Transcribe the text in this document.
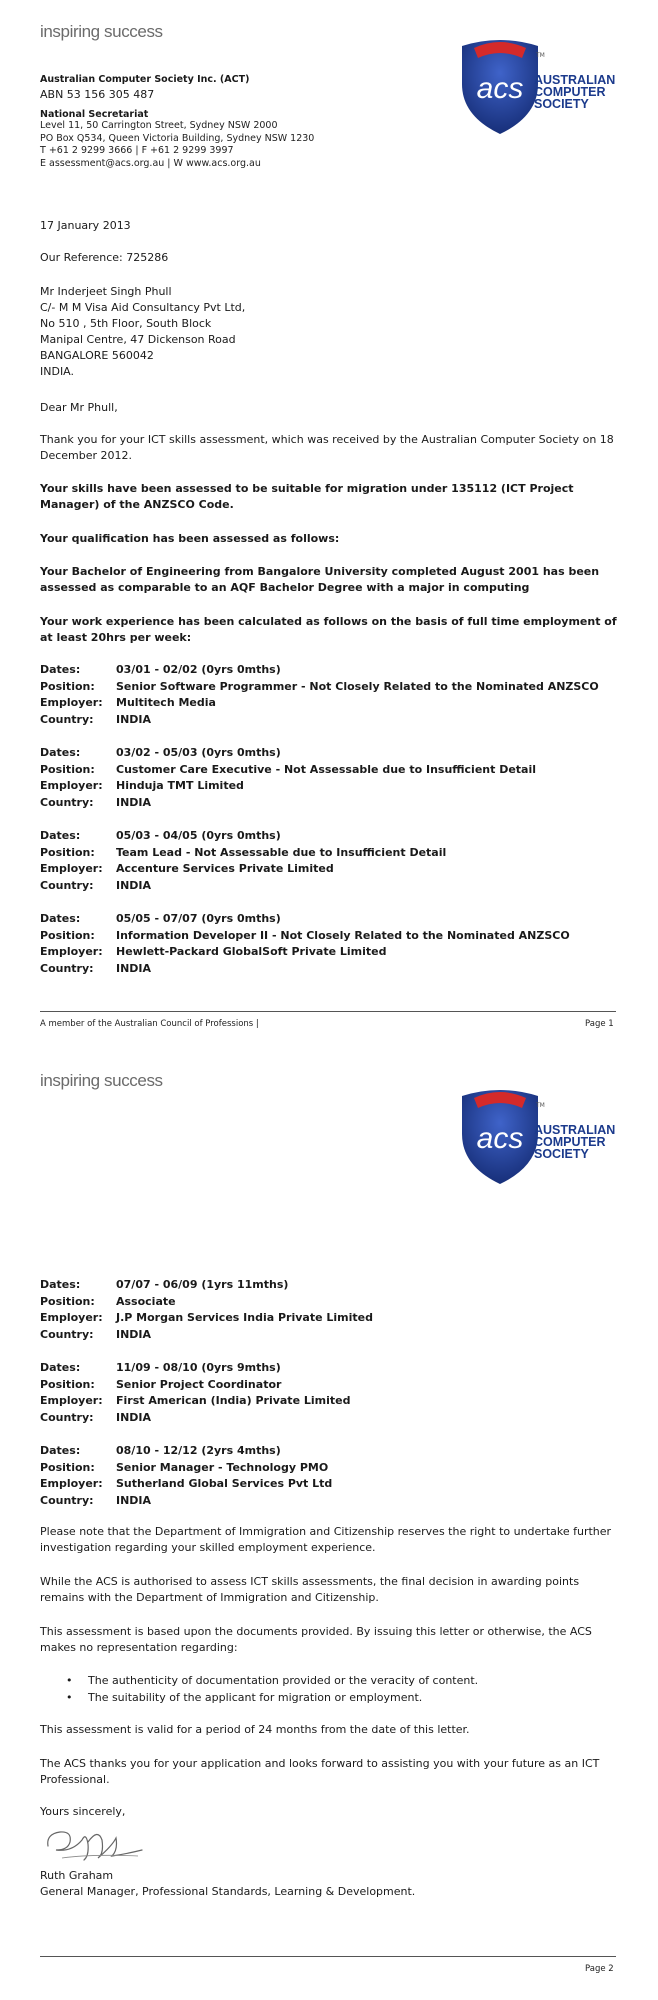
inspiring success
acs
TM
AUSTRALIAN
COMPUTER
SOCIETY
Australian Computer Society Inc. (ACT)
ABN 53 156 305 487
National Secretariat
Level 11, 50 Carrington Street, Sydney NSW 2000
PO Box Q534, Queen Victoria Building, Sydney NSW 1230
T +61 2 9299 3666 | F +61 2 9299 3997
E assessment@acs.org.au | W www.acs.org.au
17 January 2013
Our Reference: 725286
Mr Inderjeet Singh Phull
C/- M M Visa Aid Consultancy Pvt Ltd,
No 510 , 5th Floor, South Block
Manipal Centre, 47 Dickenson Road
BANGALORE 560042
INDIA.
Dear Mr Phull,
Thank you for your ICT skills assessment, which was received by the Australian Computer Society on 18 December 2012.
Your skills have been assessed to be suitable for migration under 135112 (ICT Project Manager) of the ANZSCO Code.
Your qualification has been assessed as follows:
Your Bachelor of Engineering from Bangalore University completed August 2001 has been assessed as comparable to an AQF Bachelor Degree with a major in computing
Your work experience has been calculated as follows on the basis of full time employment of at least 20hrs per week:
Dates:	03/01 - 02/02 (0yrs 0mths)
Position:	Senior Software Programmer - Not Closely Related to the Nominated ANZSCO
Employer:	Multitech Media
Country:	INDIA
Dates:	03/02 - 05/03 (0yrs 0mths)
Position:	Customer Care Executive - Not Assessable due to Insufficient Detail
Employer:	Hinduja TMT Limited
Country:	INDIA
Dates:	05/03 - 04/05 (0yrs 0mths)
Position:	Team Lead - Not Assessable due to Insufficient Detail
Employer:	Accenture Services Private Limited
Country:	INDIA
Dates:	05/05 - 07/07 (0yrs 0mths)
Position:	Information Developer II - Not Closely Related to the Nominated ANZSCO
Employer:	Hewlett-Packard GlobalSoft Private Limited
Country:	INDIA
A member of the Australian Council of Professions |	Page 1
inspiring success
acs
TM
AUSTRALIAN
COMPUTER
SOCIETY
Dates:	07/07 - 06/09 (1yrs 11mths)
Position:	Associate
Employer:	J.P Morgan Services India Private Limited
Country:	INDIA
Dates:	11/09 - 08/10 (0yrs 9mths)
Position:	Senior Project Coordinator
Employer:	First American (India) Private Limited
Country:	INDIA
Dates:	08/10 - 12/12 (2yrs 4mths)
Position:	Senior Manager - Technology PMO
Employer:	Sutherland Global Services Pvt Ltd
Country:	INDIA
Please note that the Department of Immigration and Citizenship reserves the right to undertake further investigation regarding your skilled employment experience.
While the ACS is authorised to assess ICT skills assessments, the final decision in awarding points remains with the Department of Immigration and Citizenship.
This assessment is based upon the documents provided. By issuing this letter or otherwise, the ACS makes no representation regarding:
• The authenticity of documentation provided or the veracity of content.
• The suitability of the applicant for migration or employment.
This assessment is valid for a period of 24 months from the date of this letter.
The ACS thanks you for your application and looks forward to assisting you with your future as an ICT Professional.
Yours sincerely,
Ruth Graham
General Manager, Professional Standards, Learning & Development.
Page 2
